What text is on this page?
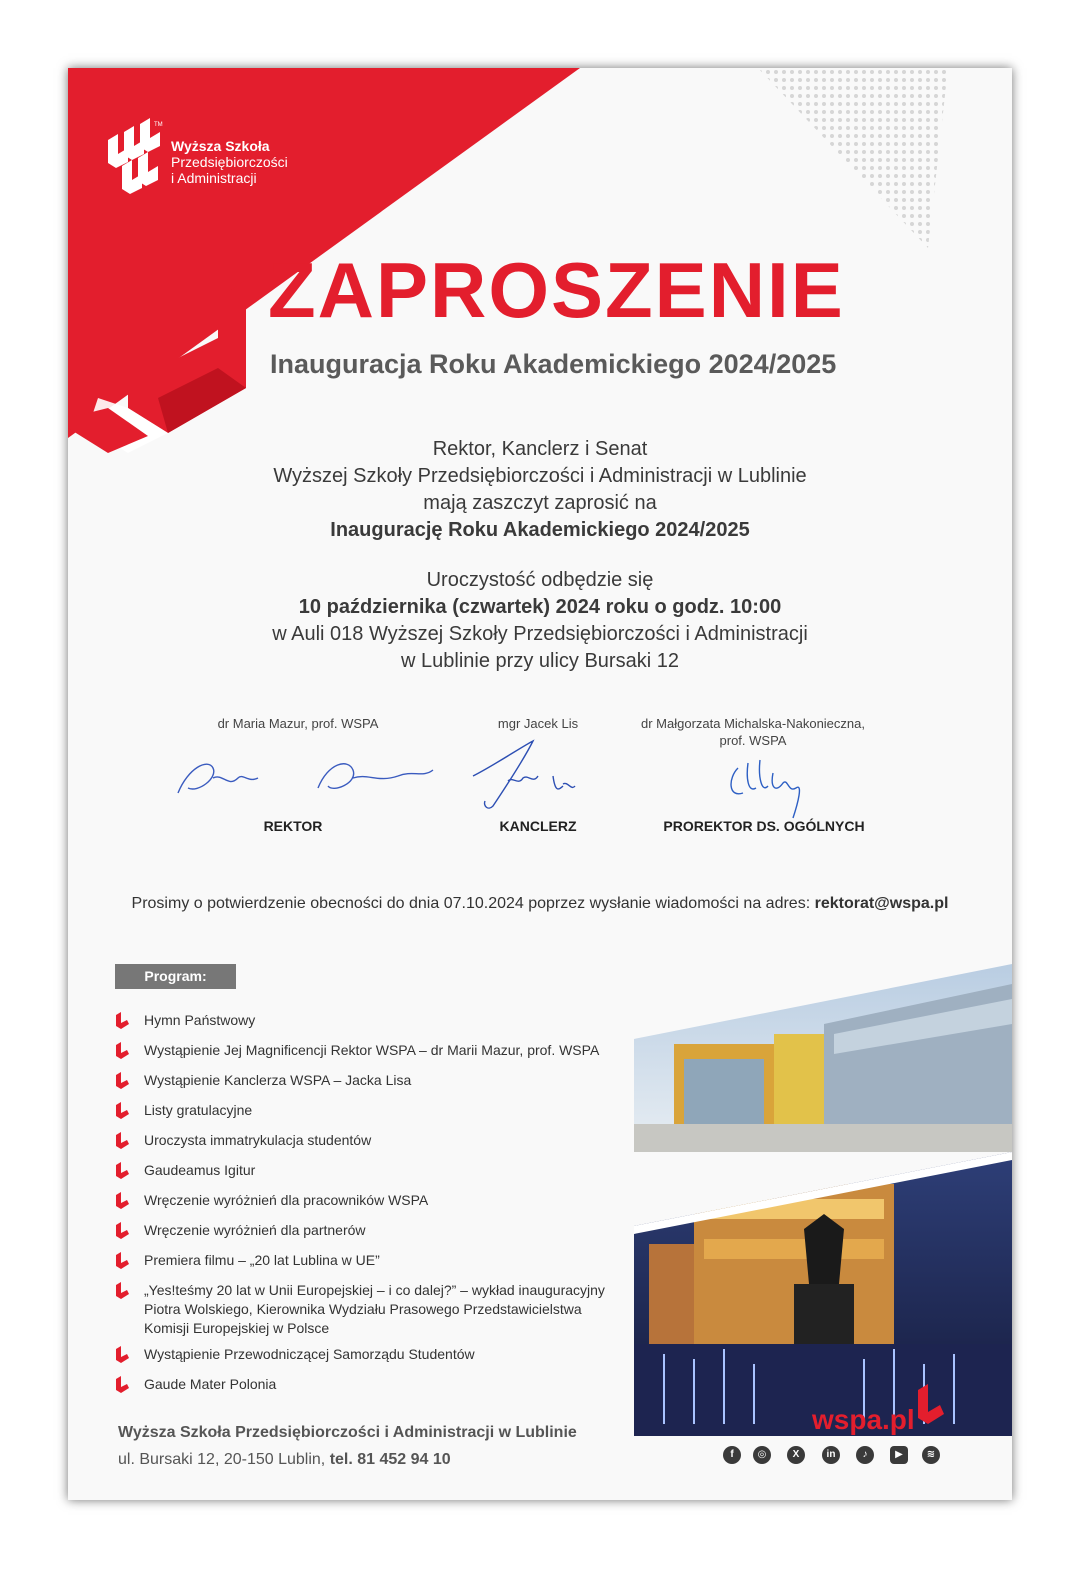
TM
Wyższa Szkoła
Przedsiębiorczości
i Administracji
ZAPROSZENIE
Inauguracja Roku Akademickiego 2024/2025
Rektor, Kanclerz i Senat
Wyższej Szkoły Przedsiębiorczości i Administracji w Lublinie
mają zaszczyt zaprosić na
Inaugurację Roku Akademickiego 2024/2025
Uroczystość odbędzie się
10 października (czwartek) 2024 roku o godz. 10:00
w Auli 018 Wyższej Szkoły Przedsiębiorczości i Administracji
w Lublinie przy ulicy Bursaki 12
dr Maria Mazur, prof. WSPA	mgr Jacek Lis	dr Małgorzata Michalska-Nakonieczna,
prof. WSPA
REKTOR	KANCLERZ	PROREKTOR DS. OGÓLNYCH
Prosimy o potwierdzenie obecności do dnia 07.10.2024 poprzez wysłanie wiadomości na adres: rektorat@wspa.pl
Program:
Hymn Państwowy
Wystąpienie Jej Magnificencji Rektor WSPA – dr Marii Mazur, prof. WSPA
Wystąpienie Kanclerza WSPA – Jacka Lisa
Listy gratulacyjne
Uroczysta immatrykulacja studentów
Gaudeamus Igitur
Wręczenie wyróżnień dla pracowników WSPA
Wręczenie wyróżnień dla partnerów
Premiera filmu – „20 lat Lublina w UE”
„Yes!teśmy 20 lat w Unii Europejskiej – i co dalej?” – wykład inauguracyjny Piotra Wolskiego, Kierownika Wydziału Prasowego Przedstawicielstwa Komisji Europejskiej w Polsce
Wystąpienie Przewodniczącej Samorządu Studentów
Gaude Mater Polonia
Wyższa Szkoła Przedsiębiorczości i Administracji w Lublinie
ul. Bursaki 12, 20-150 Lublin, tel. 81 452 94 10
wspa.pl
f	◎	X	in	♪	▶	≋
